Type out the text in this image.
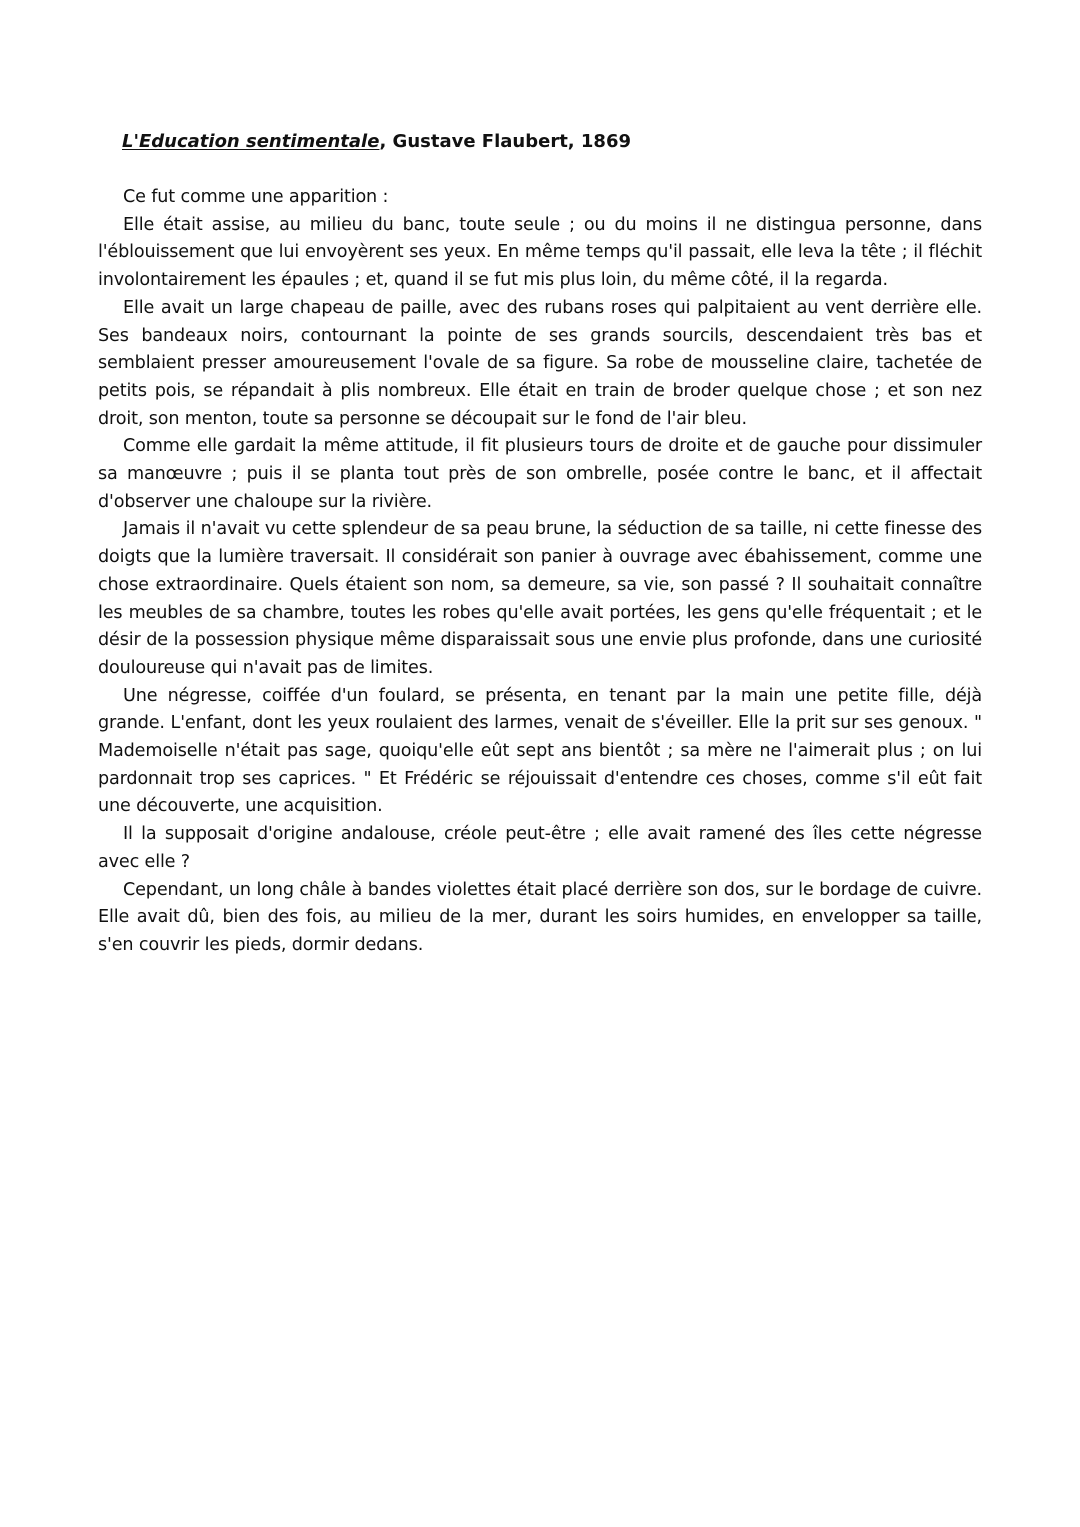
L'Education sentimentale, Gustave Flaubert, 1869

Ce fut comme une apparition :

Elle était assise, au milieu du banc, toute seule ; ou du moins il ne distingua personne, dans l'éblouissement que lui envoyèrent ses yeux. En même temps qu'il passait, elle leva la tête ; il fléchit involontairement les épaules ; et, quand il se fut mis plus loin, du même côté, il la regarda.

Elle avait un large chapeau de paille, avec des rubans roses qui palpitaient au vent derrière elle. Ses bandeaux noirs, contournant la pointe de ses grands sourcils, descendaient très bas et semblaient presser amoureusement l'ovale de sa figure. Sa robe de mousseline claire, tachetée de petits pois, se répandait à plis nombreux. Elle était en train de broder quelque chose ; et son nez droit, son menton, toute sa personne se découpait sur le fond de l'air bleu.

Comme elle gardait la même attitude, il fit plusieurs tours de droite et de gauche pour dissimuler sa manœuvre ; puis il se planta tout près de son ombrelle, posée contre le banc, et il affectait d'observer une chaloupe sur la rivière.

Jamais il n'avait vu cette splendeur de sa peau brune, la séduction de sa taille, ni cette finesse des doigts que la lumière traversait. Il considérait son panier à ouvrage avec ébahissement, comme une chose extraordinaire. Quels étaient son nom, sa demeure, sa vie, son passé ? Il souhaitait connaître les meubles de sa chambre, toutes les robes qu'elle avait portées, les gens qu'elle fréquentait ; et le désir de la possession physique même disparaissait sous une envie plus profonde, dans une curiosité douloureuse qui n'avait pas de limites.

Une négresse, coiffée d'un foulard, se présenta, en tenant par la main une petite fille, déjà grande. L'enfant, dont les yeux roulaient des larmes, venait de s'éveiller. Elle la prit sur ses genoux. " Mademoiselle n'était pas sage, quoiqu'elle eût sept ans bientôt ; sa mère ne l'aimerait plus ; on lui pardonnait trop ses caprices. " Et Frédéric se réjouissait d'entendre ces choses, comme s'il eût fait une découverte, une acquisition.

Il la supposait d'origine andalouse, créole peut-être ; elle avait ramené des îles cette négresse avec elle ?

Cependant, un long châle à bandes violettes était placé derrière son dos, sur le bordage de cuivre. Elle avait dû, bien des fois, au milieu de la mer, durant les soirs humides, en envelopper sa taille, s'en couvrir les pieds, dormir dedans.
